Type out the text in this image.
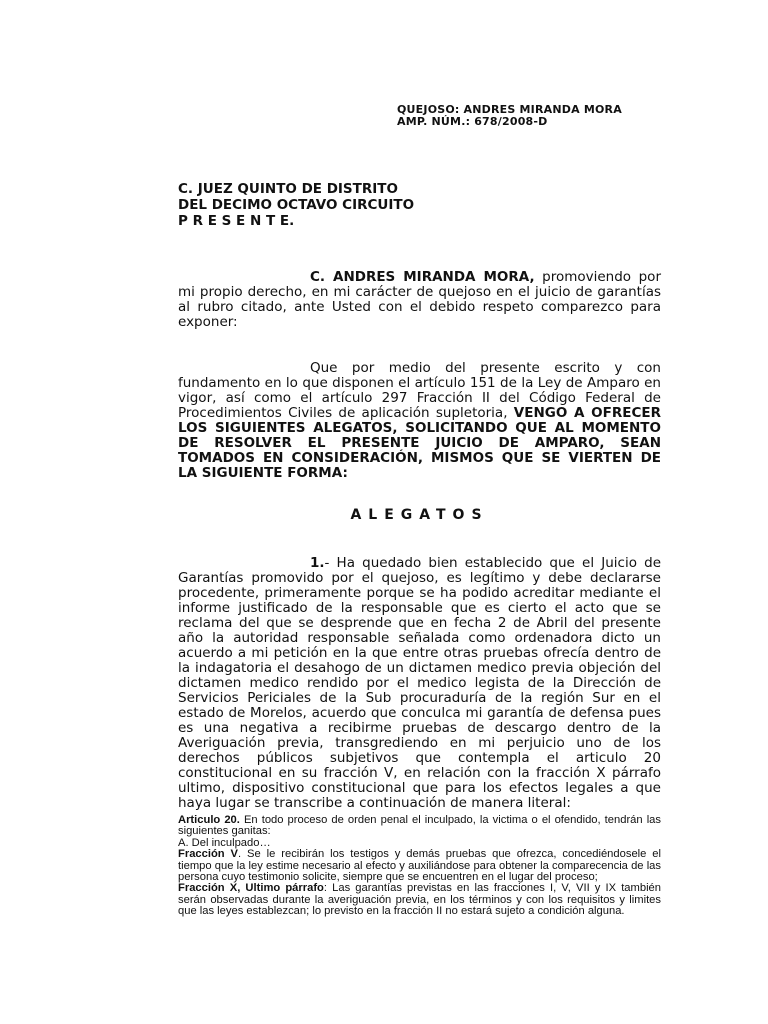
QUEJOSO: ANDRES MIRANDA MORA
AMP. NÚM.: 678/2008-D
C. JUEZ QUINTO DE DISTRITO
DEL DECIMO OCTAVO CIRCUITO
P R E S E N T E.
C. ANDRES MIRANDA MORA, promoviendo por mi propio derecho, en mi carácter de quejoso en el juicio de garantías al rubro citado, ante Usted con el debido respeto comparezco para exponer:
Que por medio del presente escrito y con fundamento en lo que disponen el artículo 151 de la Ley de Amparo en vigor, así como el artículo 297 Fracción II del Código Federal de Procedimientos Civiles de aplicación supletoria, VENGO A OFRECER LOS SIGUIENTES ALEGATOS, SOLICITANDO QUE AL MOMENTO DE RESOLVER EL PRESENTE JUICIO DE AMPARO, SEAN TOMADOS EN CONSIDERACIÓN, MISMOS QUE SE VIERTEN DE LA SIGUIENTE FORMA:
ALEGATOS
1.- Ha quedado bien establecido que el Juicio de Garantías promovido por el quejoso, es legítimo y debe declararse procedente, primeramente porque se ha podido acreditar mediante el informe justificado de la responsable que es cierto el acto que se reclama del que se desprende que en fecha 2 de Abril del presente año la autoridad responsable señalada como ordenadora dicto un acuerdo a mi petición en la que entre otras pruebas ofrecía dentro de la indagatoria el desahogo de un dictamen medico previa objeción del dictamen medico rendido por el medico legista de la Dirección de Servicios Periciales de la Sub procuraduría de la región Sur en el estado de Morelos, acuerdo que conculca mi garantía de defensa pues es una negativa a recibirme pruebas de descargo dentro de la Averiguación previa, transgrediendo en mi perjuicio uno de los derechos públicos subjetivos que contempla el articulo 20 constitucional en su fracción V, en relación con la fracción X párrafo ultimo, dispositivo constitucional que para los efectos legales a que haya lugar se transcribe a continuación de manera literal:
Articulo 20. En todo proceso de orden penal el inculpado, la victima o el ofendido, tendrán las siguientes ganitas:
A. Del inculpado…
Fracción V. Se le recibirán los testigos y demás pruebas que ofrezca, concediéndosele el tiempo que la ley estime necesario al efecto y auxiliándose para obtener la comparecencia de las persona cuyo testimonio solicite, siempre que se encuentren en el lugar del proceso;
Fracción X, Ultimo párrafo: Las garantías previstas en las fracciones I, V, VII y IX también serán observadas durante la averiguación previa, en los términos y con los requisitos y limites que las leyes establezcan; lo previsto en la fracción II no estará sujeto a condición alguna.
